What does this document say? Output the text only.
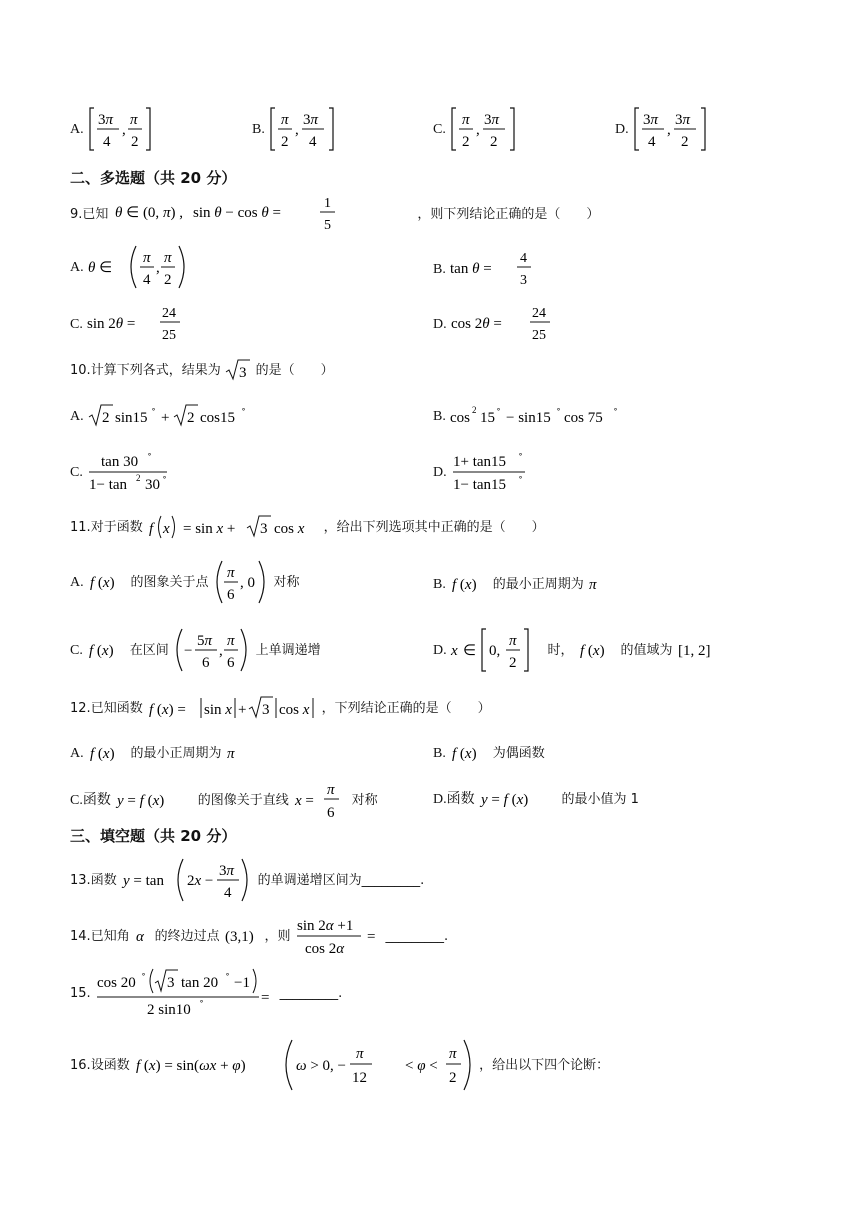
A.
3π
4
,
π
2
B.
π
2
,
3π
4
C.
π
2
,
3π
2
D.
3π
4
,
3π
2
二、多选题（共 20 分）
9.已知 θ ∈ (0, π) , sin θ − cos θ =
1
5
，则下列结论正确的是（　　）
A. θ ∈
π
4
,
π
2
B. tan θ =
4
3
C. sin 2θ =
24
25
D. cos 2θ =
24
25
10.计算下列各式，结果为 3 的是（　　）
A. 2 sin15
∘
+ 2 cos15
∘	B. cos 2 15
∘
− sin15
∘
cos 75
∘
C.
tan 30 ∘
1− tan 2 30 ∘	D.
1+ tan15 ∘
1− tan15 ∘
11.对于函数 f x = sin x + 3 cos x ，给出下列选项其中正确的是（　　）
A. f (x) 的图象关于点
π
6
, 0 对称	B. f (x) 的最小正周期为 π
C. f (x) 在区间 −
5π
6
,
π
6
上单调递增	D. x ∈ 0,
π
2
时， f (x) 的值域为 [1, 2]
12.已知函数 f (x) = sin x + 3 cos x ，下列结论正确的是（　　）
A. f (x) 的最小正周期为 π	B. f (x) 为偶函数
C.函数 y = f (x)	的图像关于直线 x =
π
6
对称	D.函数 y = f (x)	的最小值为 1
三、填空题（共 20 分）
13.函数 y = tan 2x −
3π
4
的单调递增区间为_________.
14.已知角 α 的终边过点 (3,1) ，则
sin 2α +1
cos 2α
= _________.
15.
cos 20
∘
3 tan 20
∘
−1
2 sin10
∘	= _________.
16.设函数 f (x) = sin(ωx + φ)	ω > 0, −
π
12

< φ <
π
2
，给出以下四个论断：
